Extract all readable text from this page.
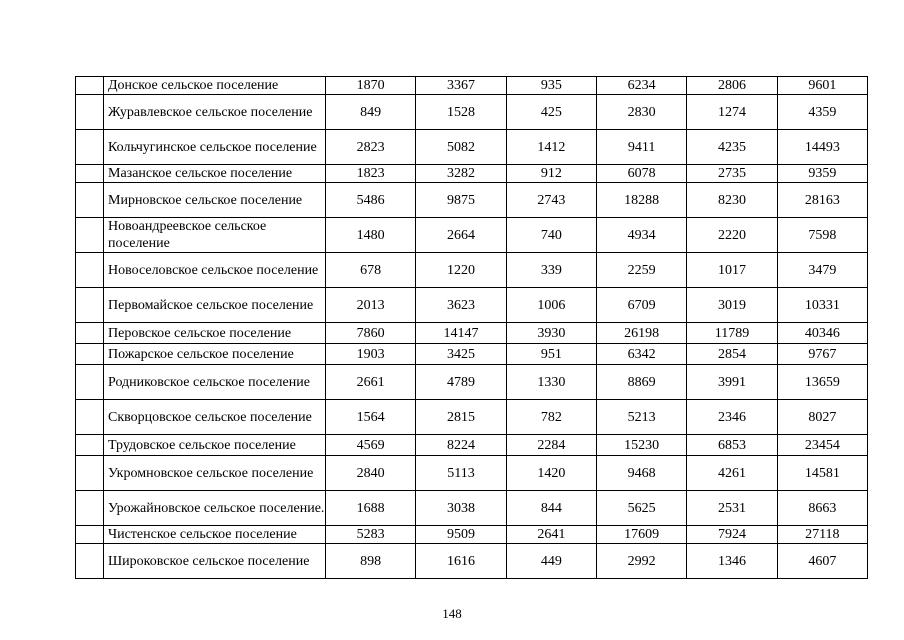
	Донское сельское поселение	1870	3367	935	6234	2806	9601
	Журавлевское сельское поселение	849	1528	425	2830	1274	4359
	Кольчугинское сельское поселение	2823	5082	1412	9411	4235	14493
	Мазанское сельское поселение	1823	3282	912	6078	2735	9359
	Мирновское сельское поселение	5486	9875	2743	18288	8230	28163
	Новоандреевское сельское поселение	1480	2664	740	4934	2220	7598
	Новоселовское сельское поселение	678	1220	339	2259	1017	3479
	Первомайское сельское поселение	2013	3623	1006	6709	3019	10331
	Перовское сельское поселение	7860	14147	3930	26198	11789	40346
	Пожарское сельское поселение	1903	3425	951	6342	2854	9767
	Родниковское сельское поселение	2661	4789	1330	8869	3991	13659
	Скворцовское сельское поселение	1564	2815	782	5213	2346	8027
	Трудовское сельское поселение	4569	8224	2284	15230	6853	23454
	Укромновское сельское поселение	2840	5113	1420	9468	4261	14581
	Урожайновское сельское поселение.	1688	3038	844	5625	2531	8663
	Чистенское сельское поселение	5283	9509	2641	17609	7924	27118
	Широковское сельское поселение	898	1616	449	2992	1346	4607
148
